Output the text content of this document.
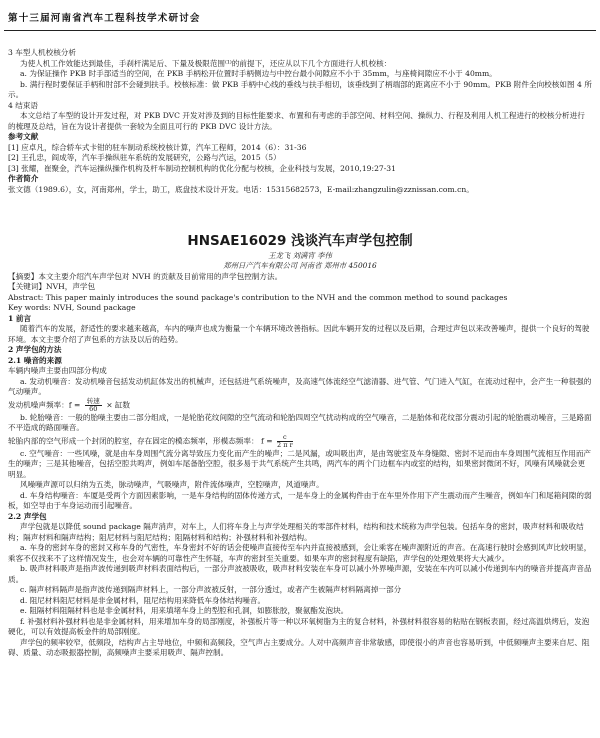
第十三届河南省汽车工程科技学术研讨会

3 车型人机校核分析

为使人机工作效能达到最佳，手刹杆满足后、下量及极限范围⁽¹⁾的前提下，还应从以下几个方面进行人机校核：

a. 为保证操作 PKB 时手部适当的空间，在 PKB 手柄松开位置时手柄侧边与中控台最小间隙应不小于 35mm，与座椅间隙应不小于 40mm。

b. 满行程时要保证手柄和肘部不会碰到扶手。校核标准：做 PKB 手柄中心线的垂线与扶手相切，该垂线到了柄端部的距离应不小于 90mm。PKB 附件全向校核如图 4 所示。

4 结束语

本文总结了车型的设计开发过程，对 PKB DVC 开发对涉及到的目标性能要求、布置和有考虑的手部空间、材料空间、操纵力、行程及利用人机工程进行的校核分析进行的梳理及总结，旨在为设计者提供一套较为全面且可行的 PKB DVC 设计方法。

参考文献

[1] 应卓凡，综合轿车式卡钳的驻车制动系统校核计算，汽车工程师，2014（6）：31-36

[2] 王孔忠，阎成等，汽车手操纵驻车系统的发展研究，公路与汽运，2015（5）

[3] 张耀，崔聚金，汽车运操纵操作机构及杆车制动控制机构的优化分配与校核，企业科技与发展，2010,19:27-31

作者简介

张文德（1989.6），女，河南郑州，学士，助工，底盘技术设计开发。电话：15315682573，E-mail:zhangzulin@zznissan.com.cn。

HNSAE16029 浅谈汽车声学包控制

王龙飞 刘满宵 李伟

郑州日产汽车有限公司 河南省 郑州市 450016

【摘要】本文主要介绍汽车声学包对 NVH 的贡献及目前常用的声学包控制方法。

【关键词】NVH，声学包

Abstract: This paper mainly introduces the sound package's contribution to the NVH and the common method to sound packages

Key words: NVH, Sound package

1 前言

随着汽车的发展，舒适性的要求越来越高，车内的噪声也成为衡量一个车辆环境改善指标。因此车辆开发的过程以及后期，合理过声包以来改善噪声，提供一个良好的驾驶环境。本文主要介绍了声包系的方法及以后的趋势。

2 声学包的方法

2.1 噪音的来源

车辆内噪声主要由四部分构成

a. 发动机噪音：发动机噪音包括发动机缸体发出的机械声，还包括进气系统噪声，及高速气体流经空气滤清器、进气管、气门进入气缸，在流动过程中，会产生一种很强的气动噪声。

发动机噪声频率：$f = \frac{\text{转速}}{60}$ × 缸数

b. 轮胎噪音：一般的胎噪主要由二部分组成，一是轮胎花纹间隙的空气流动和轮胎四周空气扰动构成的空气噪音，二是胎体和花纹部分震动引起的轮胎震动噪音，三是路面不平造成的路面噪音。

轮胎内部的空气形成一个封闭的腔室，存在固定的模态频率，形模态频率： $f = \frac{c}{\text{2 π r}}$

c. 空气噪音：一些风噪，就是由车身周围气流分离导致压力变化而产生的噪声；二是风漏，或叫吸出声，是由驾驶室及车身缝隙、密封不足而由车身周围气流相互作用而产生的噪声；三是其他噪音，包括空腔共鸣声，例如车尾备胎空腔，很多易于共气系统产生共鸣，两汽车的两个门边框车内或室的结构，如果密封微闭不好，风噪有风噪就会更明显。

风噪噪声源可以归纳为五类，脉动噪声，气吸噪声，附件流体噪声，空腔噪声，风道噪声。

d. 车身结构噪音：车厦是受两个方面因素影响，一是车身结构的固体传递方式，一是车身上的金属构件由于在车里外作用下产生震动而产生噪音，例如车门和尾箱间隙的弱板，如空导由于车身运动而引起噪音。

2.2 声学包

声学包就是以降低 sound package 隔声消声，对车上，人们将车身上与声学处理相关的零部件材料，结构和技术统称为声学包装。包括车身的密封，吸声材料和吸收结构；隔声材料和隔声结构；阻尼材料与阻尼结构；阻隔材料和结构；补强材料和补强结构。

a. 车身的密封车身的密封又称车身的气密性，车身密封不好的话会使噪声直接传至车内并直接被感到，会让乘客在噪声源附近的声音。在高速行驶时会感到风声比较明显，乘客不仅找来不了这样情况发生，也会对车辆的可靠性产生怀疑，车声的密封至关重要。如果车声的密封程度有缺陷，声学包的处理效果将大大减少。

b. 吸声材料吸声是指声波传递到吸声材料表面结构后，一部分声波被吸收，吸声材料安装在车身可以减小外界噪声源，安装在车内可以减小传递到车内的噪音并提高声音品质。

c. 隔声材料隔声是指声波传递到隔声材料上，一部分声波被反射，一部分透过，或者产生被隔声材料隔离掉一部分

d. 阻尼材料阻尼材料是非金属材料，阻尼结构用来降低车身体结构噪音。

e. 阻隔材料阻隔材料也是非金属材料，用来填堵车身上的型腔和孔洞，如膨胀胶，聚氨酯发泡块。

f. 补强材料补强材料也是非金属材料，用来增加车身的局部刚度，补强板片等一种以环氧树脂为主的复合材料，补强材料很容易的粘贴在钢板表面，经过高温烘烤后，发泡硬化，可以有效提高板金件的局部刚度。

声学包的频率较窄，低频段，结构声占主导地位，中频和高频段，空气声占主要成分。人对中高频声音非常敏感，即使很小的声音也容易听到，中低频噪声主要来自尼、阻碍、质量、动态吸振器控制，高频噪声主要采用吸声、隔声控制。
